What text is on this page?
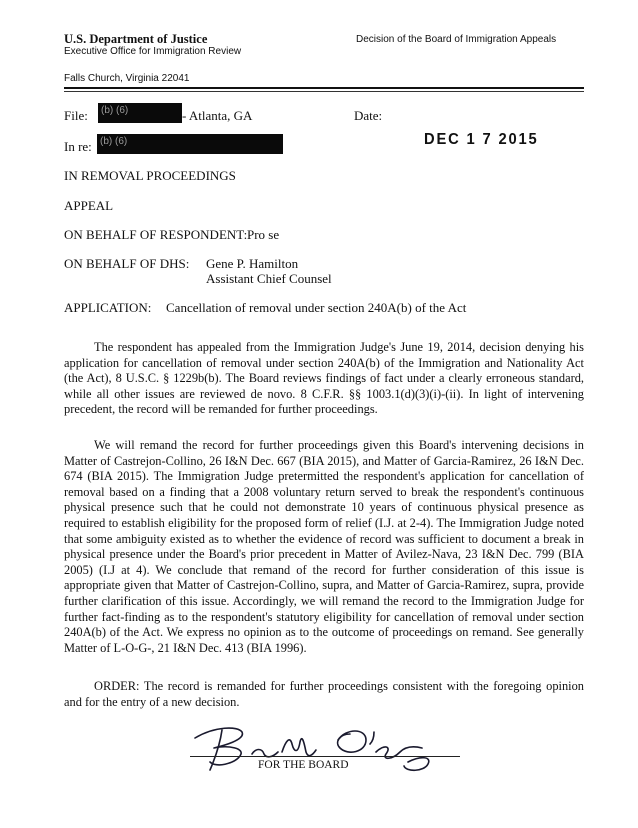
U.S. Department of Justice
Executive Office for Immigration Review
Decision of the Board of Immigration Appeals
Falls Church, Virginia 22041
File:	(b) (6)	- Atlanta, GA	Date:
DEC 1 7 2015
In re: (b) (6)
IN REMOVAL PROCEEDINGS
APPEAL
ON BEHALF OF RESPONDENT: Pro se
ON BEHALF OF DHS: Gene P. Hamilton
Assistant Chief Counsel
APPLICATION: Cancellation of removal under section 240A(b) of the Act

The respondent has appealed from the Immigration Judge's June 19, 2014, decision denying his application for cancellation of removal under section 240A(b) of the Immigration and Nationality Act (the Act), 8 U.S.C. § 1229b(b). The Board reviews findings of fact under a clearly erroneous standard, while all other issues are reviewed de novo. 8 C.F.R. §§ 1003.1(d)(3)(i)-(ii). In light of intervening precedent, the record will be remanded for further proceedings.

We will remand the record for further proceedings given this Board's intervening decisions in Matter of Castrejon-Collino, 26 I&N Dec. 667 (BIA 2015), and Matter of Garcia-Ramirez, 26 I&N Dec. 674 (BIA 2015). The Immigration Judge pretermitted the respondent's application for cancellation of removal based on a finding that a 2008 voluntary return served to break the respondent's continuous physical presence such that he could not demonstrate 10 years of continuous physical presence as required to establish eligibility for the proposed form of relief (I.J. at 2-4). The Immigration Judge noted that some ambiguity existed as to whether the evidence of record was sufficient to document a break in physical presence under the Board's prior precedent in Matter of Avilez-Nava, 23 I&N Dec. 799 (BIA 2005) (I.J at 4). We conclude that remand of the record for further consideration of this issue is appropriate given that Matter of Castrejon-Collino, supra, and Matter of Garcia-Ramirez, supra, provide further clarification of this issue. Accordingly, we will remand the record to the Immigration Judge for further fact-finding as to the respondent's statutory eligibility for cancellation of removal under section 240A(b) of the Act. We express no opinion as to the outcome of proceedings on remand. See generally Matter of L-O-G-, 21 I&N Dec. 413 (BIA 1996).

ORDER: The record is remanded for further proceedings consistent with the foregoing opinion and for the entry of a new decision.

FOR THE BOARD
